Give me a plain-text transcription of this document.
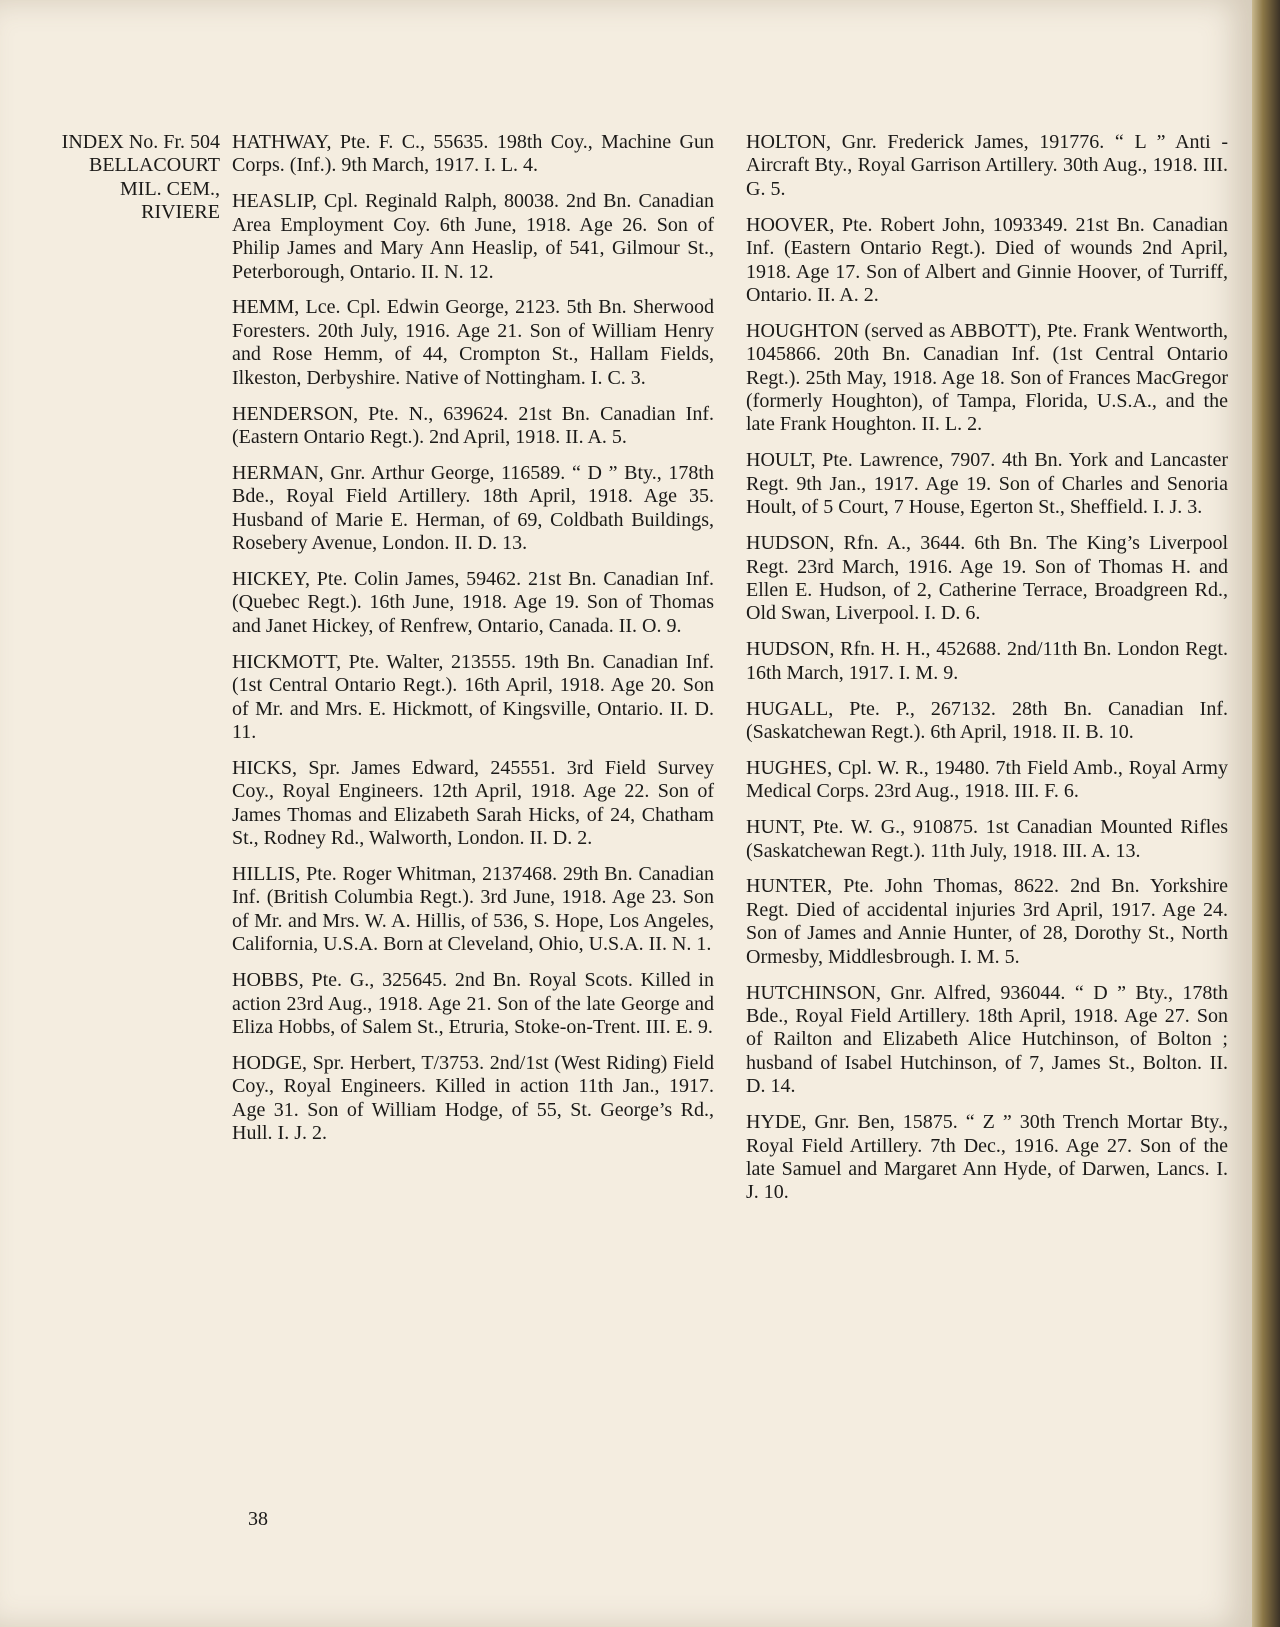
INDEX No. Fr. 504
BELLACOURT
MIL. CEM.,
RIVIERE

HATHWAY, Pte. F. C., 55635. 198th Coy., Machine Gun Corps. (Inf.). 9th March, 1917. I. L. 4.

HEASLIP, Cpl. Reginald Ralph, 80038. 2nd Bn. Canadian Area Employment Coy. 6th June, 1918. Age 26. Son of Philip James and Mary Ann Heaslip, of 541, Gilmour St., Peterborough, Ontario. II. N. 12.

HEMM, Lce. Cpl. Edwin George, 2123. 5th Bn. Sherwood Foresters. 20th July, 1916. Age 21. Son of William Henry and Rose Hemm, of 44, Crompton St., Hallam Fields, Ilkeston, Derbyshire. Native of Nottingham. I. C. 3.

HENDERSON, Pte. N., 639624. 21st Bn. Canadian Inf. (Eastern Ontario Regt.). 2nd April, 1918. II. A. 5.

HERMAN, Gnr. Arthur George, 116589. “ D ” Bty., 178th Bde., Royal Field Artillery. 18th April, 1918. Age 35. Husband of Marie E. Herman, of 69, Coldbath Buildings, Rosebery Avenue, London. II. D. 13.

HICKEY, Pte. Colin James, 59462. 21st Bn. Canadian Inf. (Quebec Regt.). 16th June, 1918. Age 19. Son of Thomas and Janet Hickey, of Renfrew, Ontario, Canada. II. O. 9.

HICKMOTT, Pte. Walter, 213555. 19th Bn. Canadian Inf. (1st Central Ontario Regt.). 16th April, 1918. Age 20. Son of Mr. and Mrs. E. Hickmott, of Kingsville, Ontario. II. D. 11.

HICKS, Spr. James Edward, 245551. 3rd Field Survey Coy., Royal Engineers. 12th April, 1918. Age 22. Son of James Thomas and Elizabeth Sarah Hicks, of 24, Chatham St., Rodney Rd., Walworth, London. II. D. 2.

HILLIS, Pte. Roger Whitman, 2137468. 29th Bn. Canadian Inf. (British Columbia Regt.). 3rd June, 1918. Age 23. Son of Mr. and Mrs. W. A. Hillis, of 536, S. Hope, Los Angeles, California, U.S.A. Born at Cleveland, Ohio, U.S.A. II. N. 1.

HOBBS, Pte. G., 325645. 2nd Bn. Royal Scots. Killed in action 23rd Aug., 1918. Age 21. Son of the late George and Eliza Hobbs, of Salem St., Etruria, Stoke-on-Trent. III. E. 9.

HODGE, Spr. Herbert, T/3753. 2nd/1st (West Riding) Field Coy., Royal Engineers. Killed in action 11th Jan., 1917. Age 31. Son of William Hodge, of 55, St. George’s Rd., Hull. I. J. 2.

HOLTON, Gnr. Frederick James, 191776. “ L ” Anti - Aircraft Bty., Royal Garrison Artillery. 30th Aug., 1918. III. G. 5.

HOOVER, Pte. Robert John, 1093349. 21st Bn. Canadian Inf. (Eastern Ontario Regt.). Died of wounds 2nd April, 1918. Age 17. Son of Albert and Ginnie Hoover, of Turriff, Ontario. II. A. 2.

HOUGHTON (served as ABBOTT), Pte. Frank Wentworth, 1045866. 20th Bn. Canadian Inf. (1st Central Ontario Regt.). 25th May, 1918. Age 18. Son of Frances MacGregor (formerly Houghton), of Tampa, Florida, U.S.A., and the late Frank Houghton. II. L. 2.

HOULT, Pte. Lawrence, 7907. 4th Bn. York and Lancaster Regt. 9th Jan., 1917. Age 19. Son of Charles and Senoria Hoult, of 5 Court, 7 House, Egerton St., Sheffield. I. J. 3.

HUDSON, Rfn. A., 3644. 6th Bn. The King’s Liverpool Regt. 23rd March, 1916. Age 19. Son of Thomas H. and Ellen E. Hudson, of 2, Catherine Terrace, Broadgreen Rd., Old Swan, Liverpool. I. D. 6.

HUDSON, Rfn. H. H., 452688. 2nd/11th Bn. London Regt. 16th March, 1917. I. M. 9.

HUGALL, Pte. P., 267132. 28th Bn. Canadian Inf. (Saskatchewan Regt.). 6th April, 1918. II. B. 10.

HUGHES, Cpl. W. R., 19480. 7th Field Amb., Royal Army Medical Corps. 23rd Aug., 1918. III. F. 6.

HUNT, Pte. W. G., 910875. 1st Canadian Mounted Rifles (Saskatchewan Regt.). 11th July, 1918. III. A. 13.

HUNTER, Pte. John Thomas, 8622. 2nd Bn. Yorkshire Regt. Died of accidental injuries 3rd April, 1917. Age 24. Son of James and Annie Hunter, of 28, Dorothy St., North Ormesby, Middlesbrough. I. M. 5.

HUTCHINSON, Gnr. Alfred, 936044. “ D ” Bty., 178th Bde., Royal Field Artillery. 18th April, 1918. Age 27. Son of Railton and Elizabeth Alice Hutchinson, of Bolton ; husband of Isabel Hutchinson, of 7, James St., Bolton. II. D. 14.

HYDE, Gnr. Ben, 15875. “ Z ” 30th Trench Mortar Bty., Royal Field Artillery. 7th Dec., 1916. Age 27. Son of the late Samuel and Margaret Ann Hyde, of Darwen, Lancs. I. J. 10.

38
